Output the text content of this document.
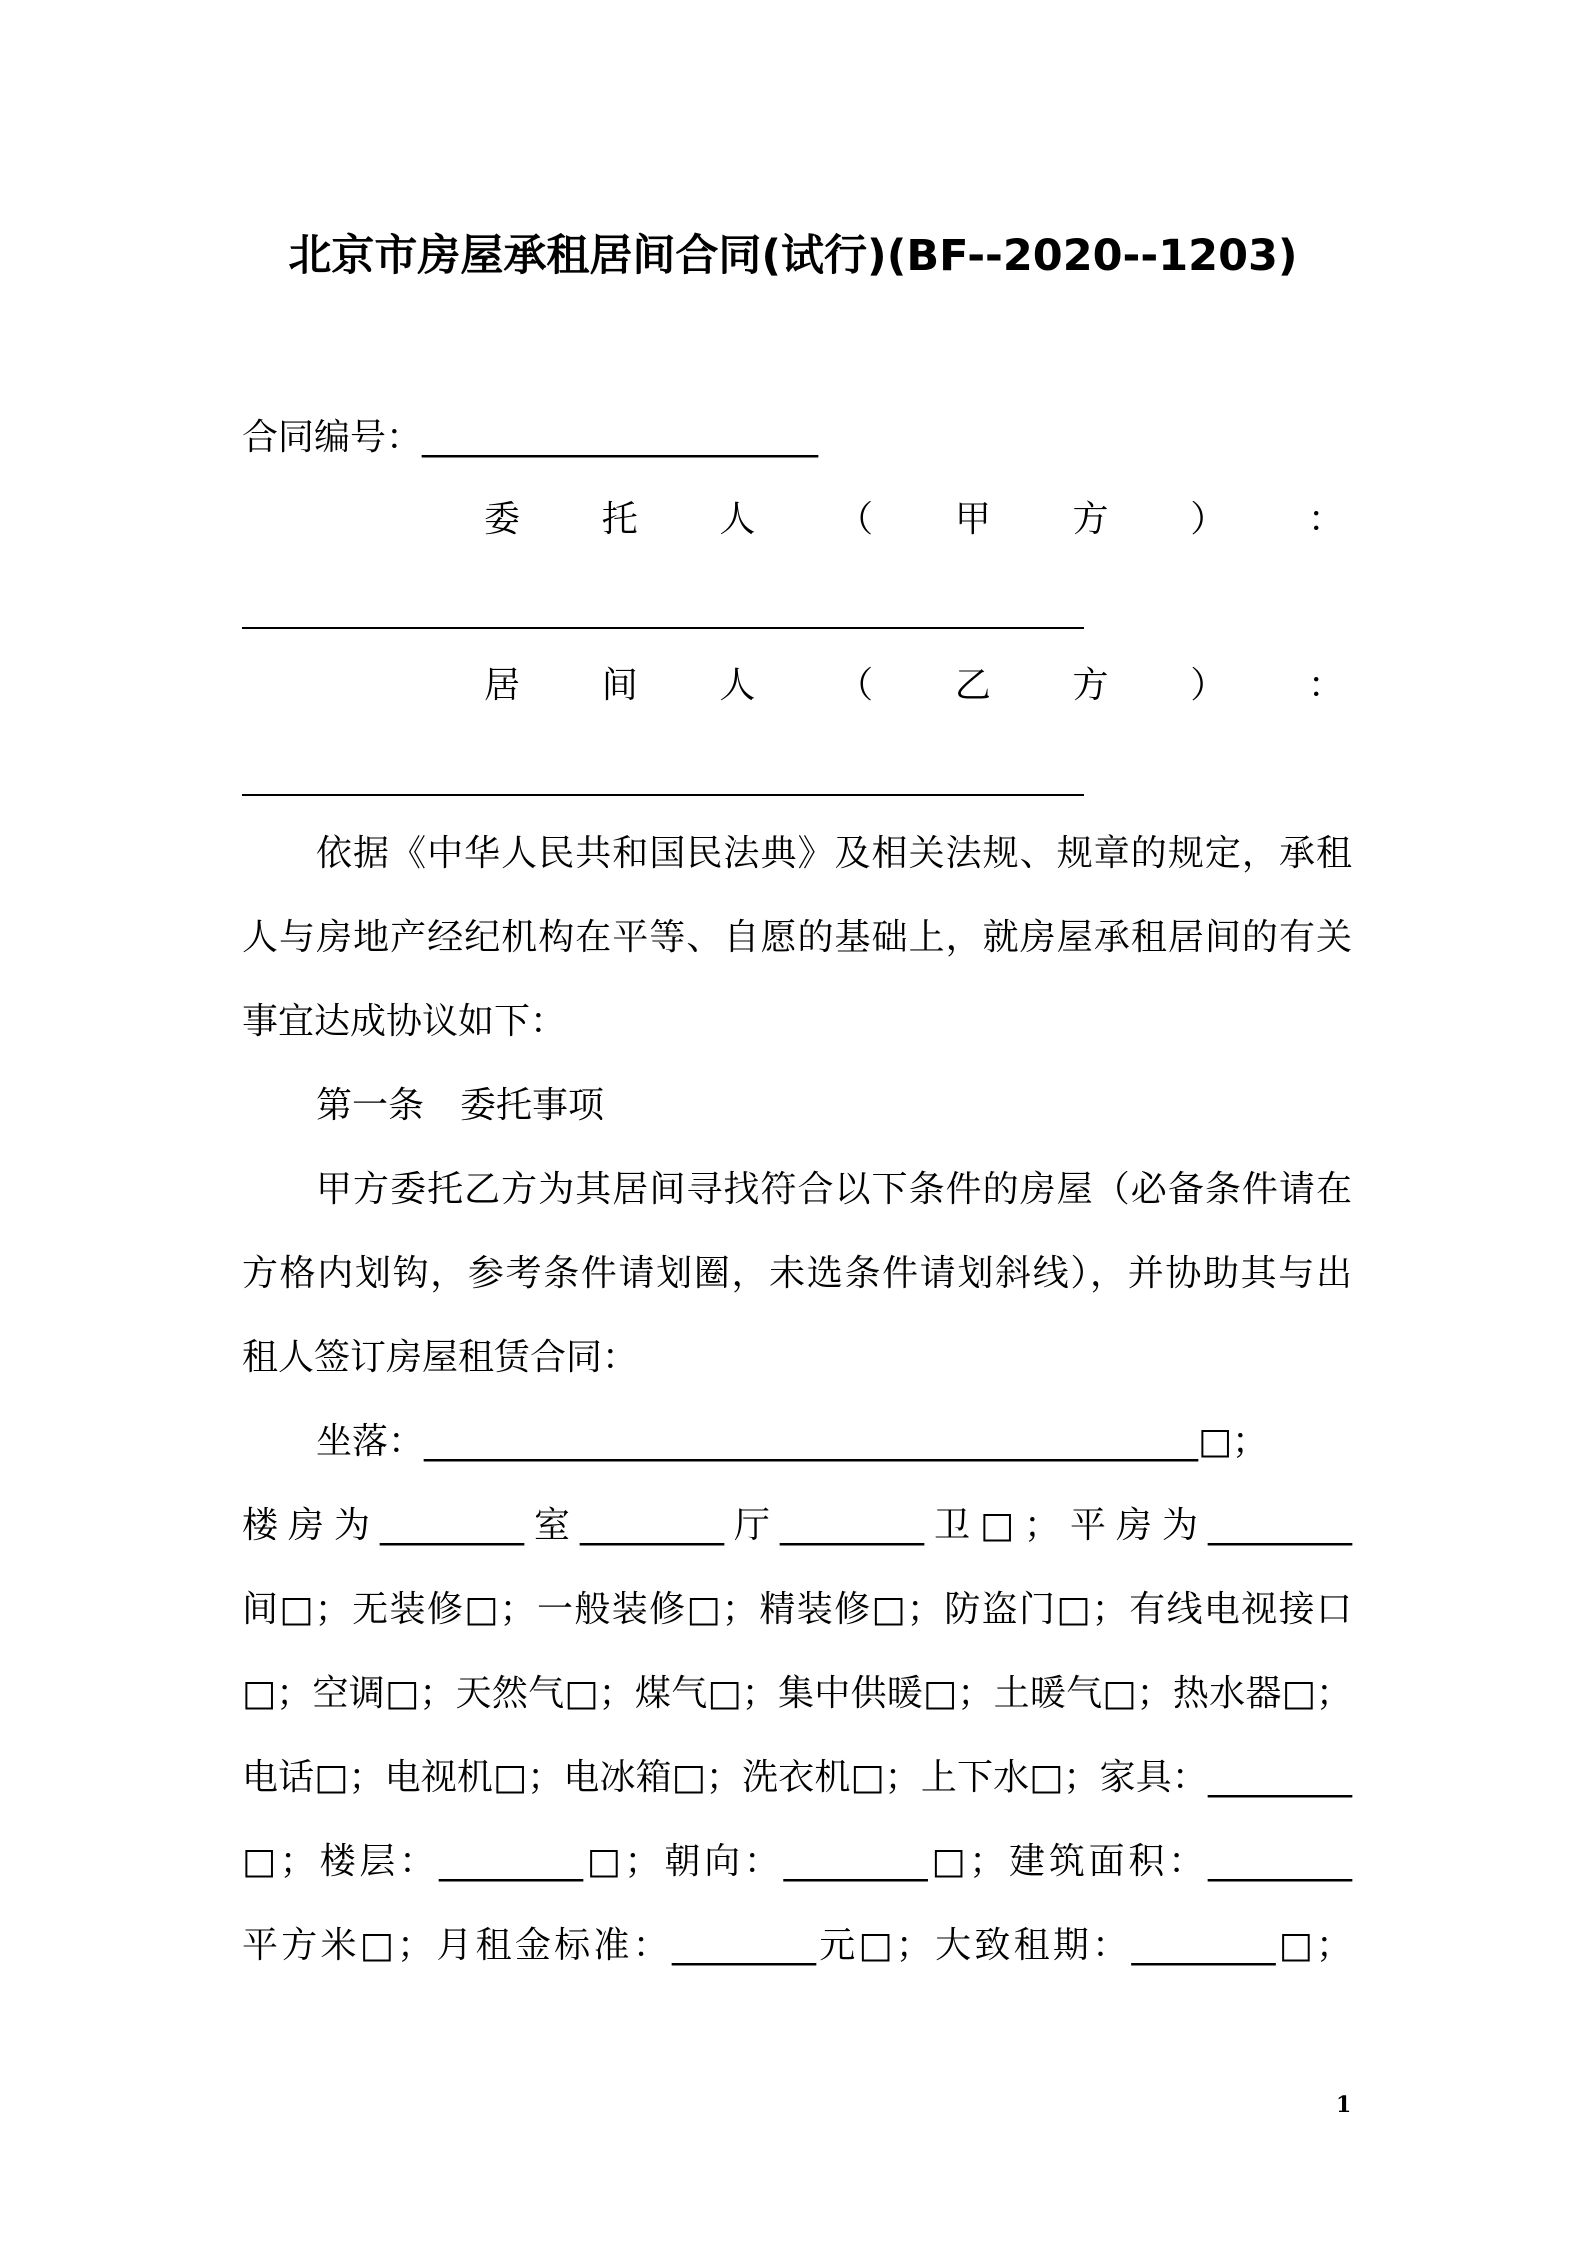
北京市房屋承租居间合同(试行)(BF--2020--1203)
合同编号：______________________
委 托 人 （ 甲 方 ） ：
居 间 人 （ 乙 方 ） ：
依据《中华人民共和国民法典》及相关法规、规章的规定，承租
人与房地产经纪机构在平等、自愿的基础上，就房屋承租居间的有关
事宜达成协议如下：
第一条　委托事项
甲方委托乙方为其居间寻找符合以下条件的房屋（必备条件请在
方格内划钩，参考条件请划圈，未选条件请划斜线），并协助其与出
租人签订房屋租赁合同：
坐落：___________________________________________□；
楼房为________室________厅________卫□；平房为________
间□；无装修□；一般装修□；精装修□；防盗门□；有线电视接口
□；空调□；天然气□；煤气□；集中供暖□；土暖气□；热水器□；
电话□；电视机□；电冰箱□；洗衣机□；上下水□；家具：________
□；楼层：________□；朝向：________□；建筑面积：________
平方米□；月租金标准：________元□；大致租期：________□；
1
